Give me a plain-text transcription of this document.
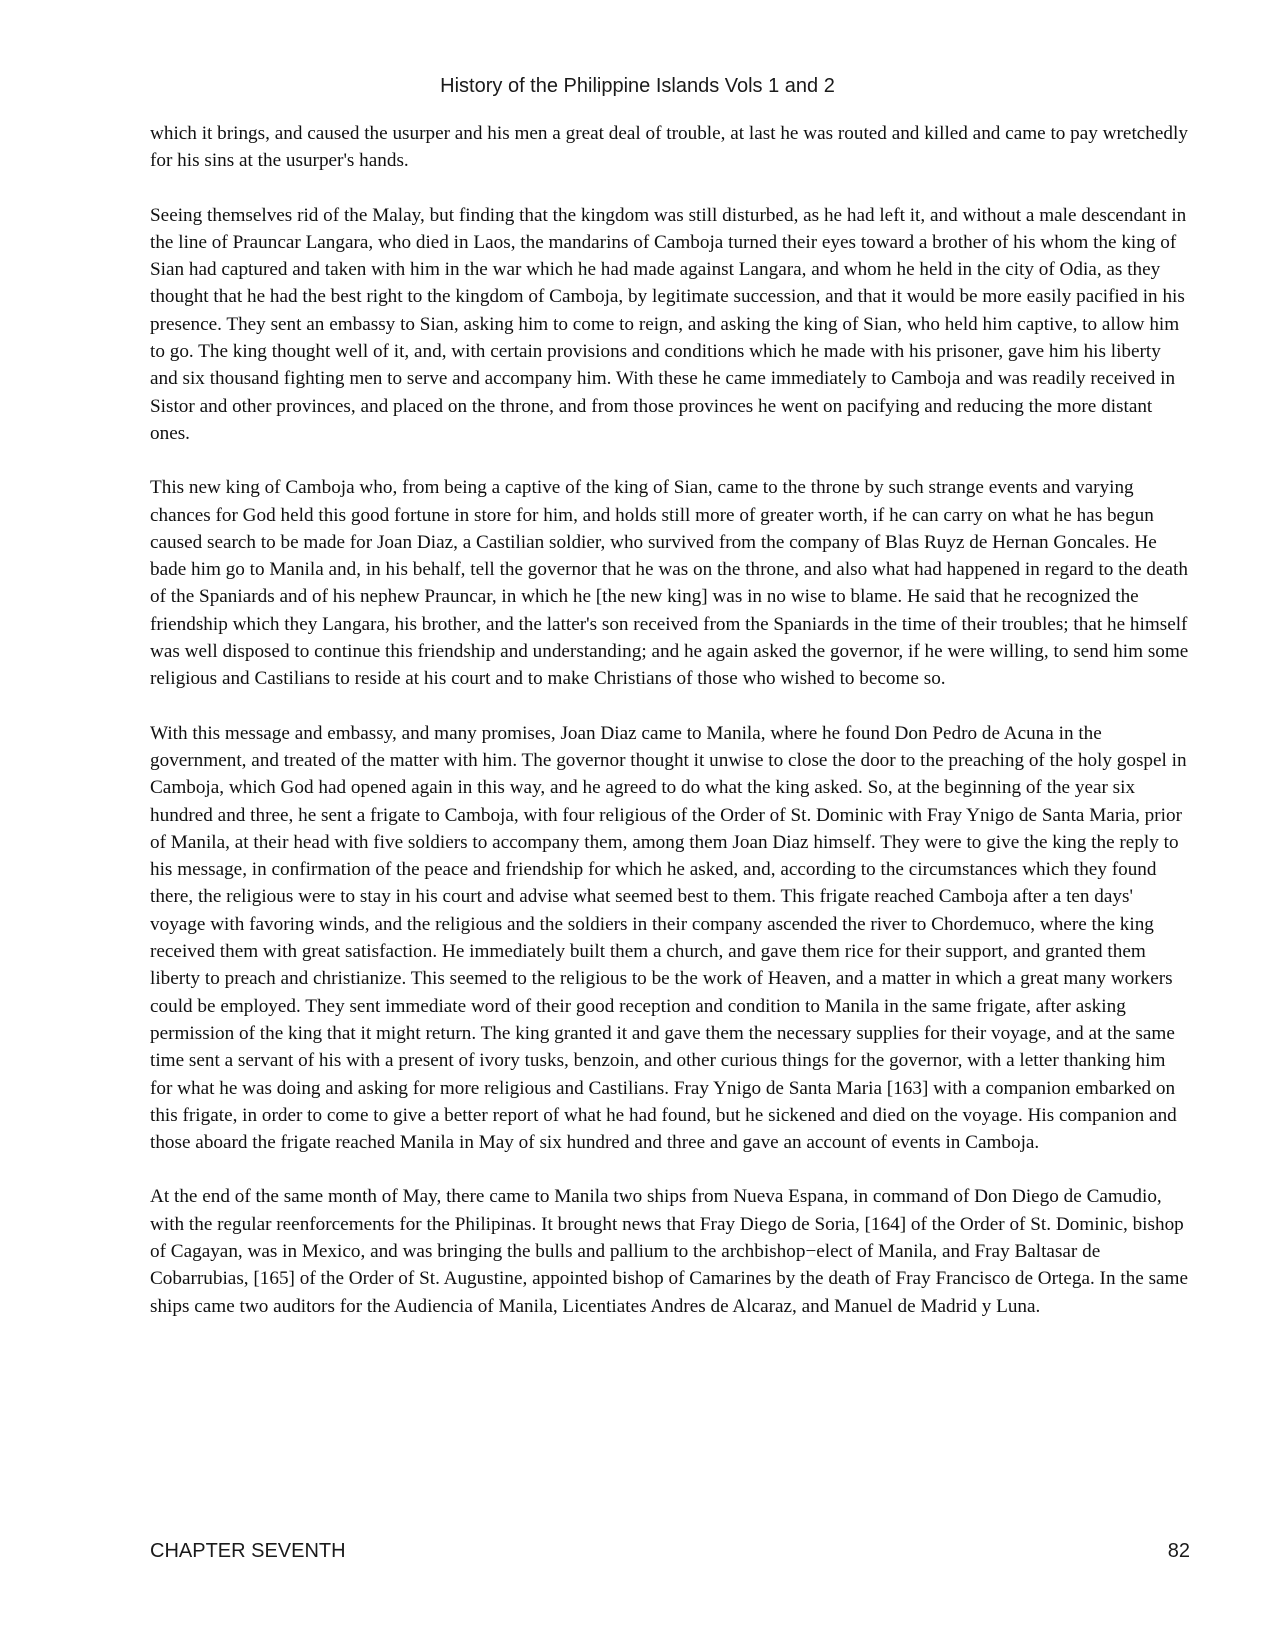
History of the Philippine Islands Vols 1 and 2

which it brings, and caused the usurper and his men a great deal of trouble, at last he was routed and killed and came to pay wretchedly for his sins at the usurper's hands.

Seeing themselves rid of the Malay, but finding that the kingdom was still disturbed, as he had left it, and without a male descendant in the line of Prauncar Langara, who died in Laos, the mandarins of Camboja turned their eyes toward a brother of his whom the king of Sian had captured and taken with him in the war which he had made against Langara, and whom he held in the city of Odia, as they thought that he had the best right to the kingdom of Camboja, by legitimate succession, and that it would be more easily pacified in his presence. They sent an embassy to Sian, asking him to come to reign, and asking the king of Sian, who held him captive, to allow him to go. The king thought well of it, and, with certain provisions and conditions which he made with his prisoner, gave him his liberty and six thousand fighting men to serve and accompany him. With these he came immediately to Camboja and was readily received in Sistor and other provinces, and placed on the throne, and from those provinces he went on pacifying and reducing the more distant ones.

This new king of Camboja who, from being a captive of the king of Sian, came to the throne by such strange events and varying chances for God held this good fortune in store for him, and holds still more of greater worth, if he can carry on what he has begun caused search to be made for Joan Diaz, a Castilian soldier, who survived from the company of Blas Ruyz de Hernan Goncales. He bade him go to Manila and, in his behalf, tell the governor that he was on the throne, and also what had happened in regard to the death of the Spaniards and of his nephew Prauncar, in which he [the new king] was in no wise to blame. He said that he recognized the friendship which they Langara, his brother, and the latter's son received from the Spaniards in the time of their troubles; that he himself was well disposed to continue this friendship and understanding; and he again asked the governor, if he were willing, to send him some religious and Castilians to reside at his court and to make Christians of those who wished to become so.

With this message and embassy, and many promises, Joan Diaz came to Manila, where he found Don Pedro de Acuna in the government, and treated of the matter with him. The governor thought it unwise to close the door to the preaching of the holy gospel in Camboja, which God had opened again in this way, and he agreed to do what the king asked. So, at the beginning of the year six hundred and three, he sent a frigate to Camboja, with four religious of the Order of St. Dominic with Fray Ynigo de Santa Maria, prior of Manila, at their head with five soldiers to accompany them, among them Joan Diaz himself. They were to give the king the reply to his message, in confirmation of the peace and friendship for which he asked, and, according to the circumstances which they found there, the religious were to stay in his court and advise what seemed best to them. This frigate reached Camboja after a ten days' voyage with favoring winds, and the religious and the soldiers in their company ascended the river to Chordemuco, where the king received them with great satisfaction. He immediately built them a church, and gave them rice for their support, and granted them liberty to preach and christianize. This seemed to the religious to be the work of Heaven, and a matter in which a great many workers could be employed. They sent immediate word of their good reception and condition to Manila in the same frigate, after asking permission of the king that it might return. The king granted it and gave them the necessary supplies for their voyage, and at the same time sent a servant of his with a present of ivory tusks, benzoin, and other curious things for the governor, with a letter thanking him for what he was doing and asking for more religious and Castilians. Fray Ynigo de Santa Maria [163] with a companion embarked on this frigate, in order to come to give a better report of what he had found, but he sickened and died on the voyage. His companion and those aboard the frigate reached Manila in May of six hundred and three and gave an account of events in Camboja.

At the end of the same month of May, there came to Manila two ships from Nueva Espana, in command of Don Diego de Camudio, with the regular reenforcements for the Philipinas. It brought news that Fray Diego de Soria, [164] of the Order of St. Dominic, bishop of Cagayan, was in Mexico, and was bringing the bulls and pallium to the archbishop−elect of Manila, and Fray Baltasar de Cobarrubias, [165] of the Order of St. Augustine, appointed bishop of Camarines by the death of Fray Francisco de Ortega. In the same ships came two auditors for the Audiencia of Manila, Licentiates Andres de Alcaraz, and Manuel de Madrid y Luna.

CHAPTER SEVENTH	82
